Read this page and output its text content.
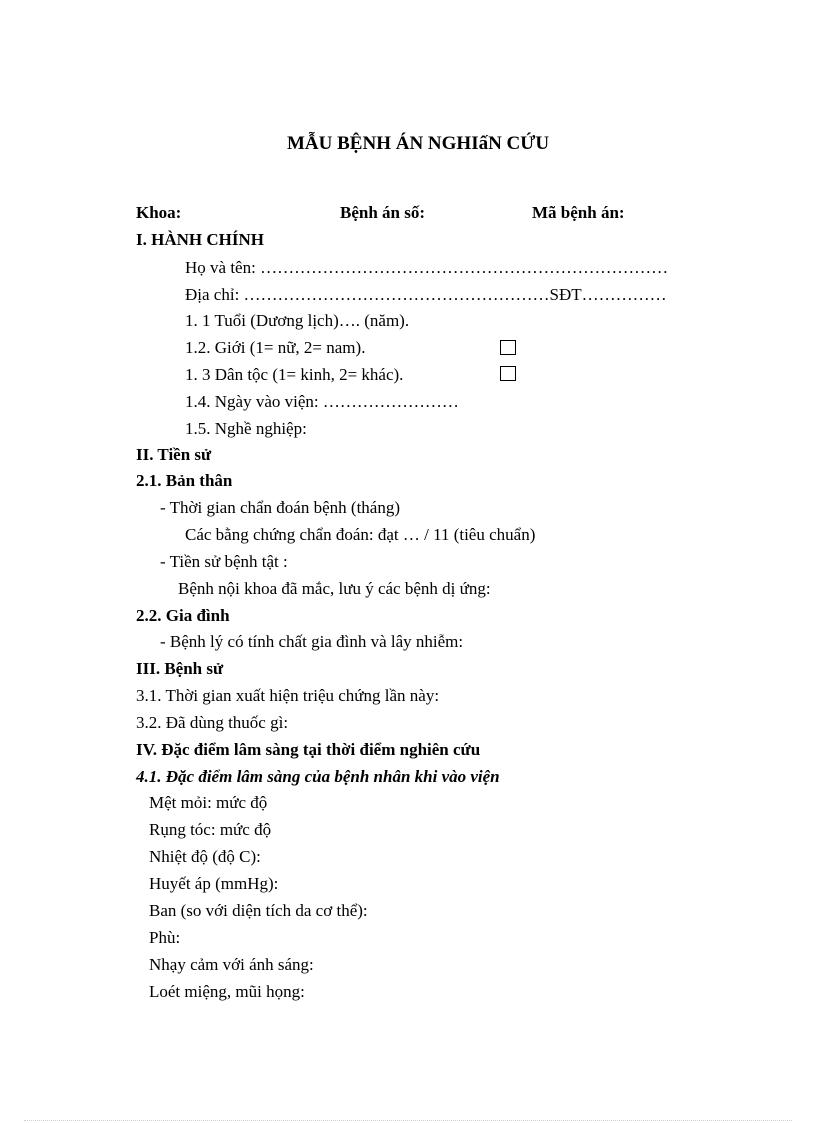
MẪU BỆNH ÁN NGHIấN CỨU
Khoa:	Bệnh án số:	Mã bệnh án:
I. HÀNH CHÍNH
Họ và tên: ………………………………………………………………
Địa chỉ: ………………………………………………SĐT……………
1. 1 Tuổi (Dương lịch)…. (năm).
1.2. Giới (1= nữ, 2= nam).
1. 3 Dân tộc (1= kinh, 2= khác).
1.4. Ngày vào viện: ……………………
1.5. Nghề nghiệp:
II. Tiền sử
2.1. Bản thân
- Thời gian chẩn đoán bệnh (tháng)
Các bằng chứng chẩn đoán: đạt … / 11 (tiêu chuẩn)
- Tiền sử bệnh tật :
Bệnh nội khoa đã mắc, lưu ý các bệnh dị ứng:
2.2. Gia đình
- Bệnh lý có tính chất gia đình và lây nhiễm:
III. Bệnh sử
3.1. Thời gian xuất hiện triệu chứng lần này:
3.2. Đã dùng thuốc gì:
IV. Đặc điểm lâm sàng tại thời điểm nghiên cứu
4.1. Đặc điểm lâm sàng của bệnh nhân khi vào viện
Mệt mỏi: mức độ
Rụng tóc: mức độ
Nhiệt độ (độ C):
Huyết áp (mmHg):
Ban (so với diện tích da cơ thể):
Phù:
Nhạy cảm với ánh sáng:
Loét miệng, mũi họng:
